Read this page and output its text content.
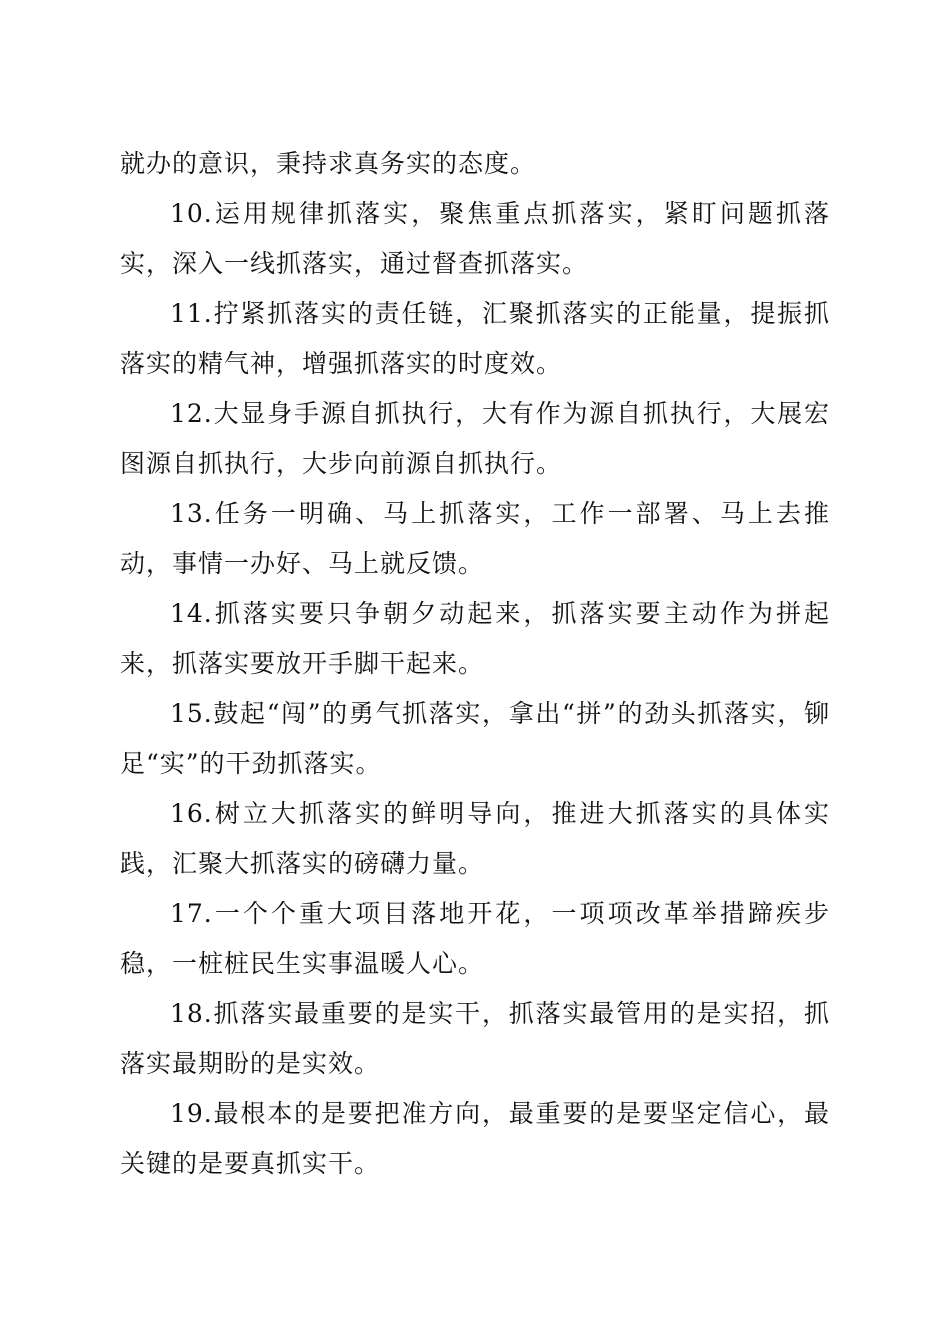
就办的意识，秉持求真务实的态度。

10.运用规律抓落实，聚焦重点抓落实，紧盯问题抓落实，深入一线抓落实，通过督查抓落实。

11.拧紧抓落实的责任链，汇聚抓落实的正能量，提振抓落实的精气神，增强抓落实的时度效。

12.大显身手源自抓执行，大有作为源自抓执行，大展宏图源自抓执行，大步向前源自抓执行。

13.任务一明确、马上抓落实，工作一部署、马上去推动，事情一办好、马上就反馈。

14.抓落实要只争朝夕动起来，抓落实要主动作为拼起来，抓落实要放开手脚干起来。

15.鼓起“闯”的勇气抓落实，拿出“拼”的劲头抓落实，铆足“实”的干劲抓落实。

16.树立大抓落实的鲜明导向，推进大抓落实的具体实践，汇聚大抓落实的磅礴力量。

17.一个个重大项目落地开花，一项项改革举措蹄疾步稳，一桩桩民生实事温暖人心。

18.抓落实最重要的是实干，抓落实最管用的是实招，抓落实最期盼的是实效。

19.最根本的是要把准方向，最重要的是要坚定信心，最关键的是要真抓实干。
